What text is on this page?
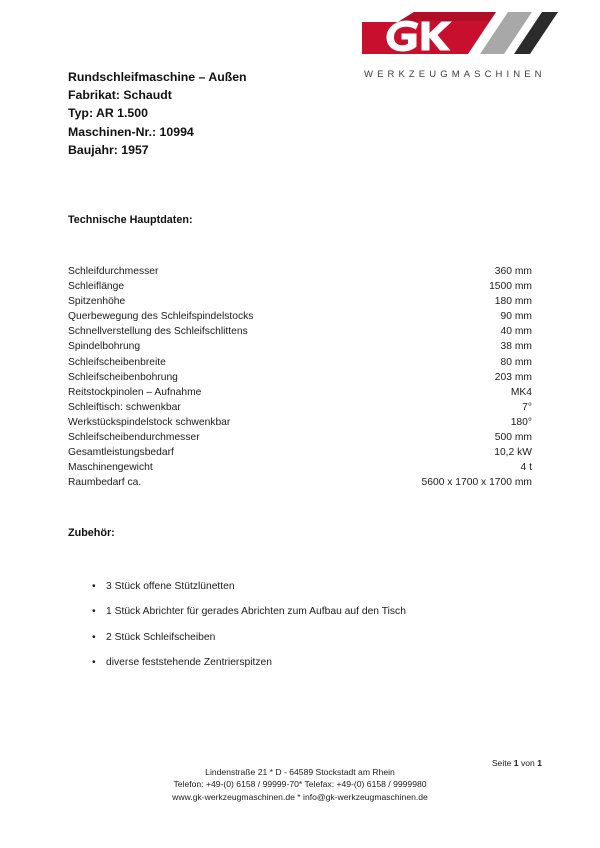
WERKZEUGMASCHINEN
Rundschleifmaschine – Außen
Fabrikat: Schaudt
Typ: AR 1.500
Maschinen-Nr.: 10994
Baujahr: 1957
Technische Hauptdaten:
Schleifdurchmesser	360 mm
Schleiflänge	1500 mm
Spitzenhöhe	180 mm
Querbewegung des Schleifspindelstocks	90 mm
Schnellverstellung des Schleifschlittens	40 mm
Spindelbohrung	38 mm
Schleifscheibenbreite	80 mm
Schleifscheibenbohrung	203 mm
Reitstockpinolen – Aufnahme	MK4
Schleiftisch: schwenkbar	7°
Werkstückspindelstock schwenkbar	180°
Schleifscheibendurchmesser	500 mm
Gesamtleistungsbedarf	10,2 kW
Maschinengewicht	4 t
Raumbedarf ca.	5600 x 1700 x 1700 mm
Zubehör:
• 3 Stück offene Stützlünetten
• 1 Stück Abrichter für gerades Abrichten zum Aufbau auf den Tisch
• 2 Stück Schleifscheiben
• diverse feststehende Zentrierspitzen
Seite 1 von 1
Lindenstraße 21 * D - 64589 Stockstadt am Rhein
Telefon: +49-(0) 6158 / 99999-70* Telefax: +49-(0) 6158 / 9999980
www.gk-werkzeugmaschinen.de * info@gk-werkzeugmaschinen.de
